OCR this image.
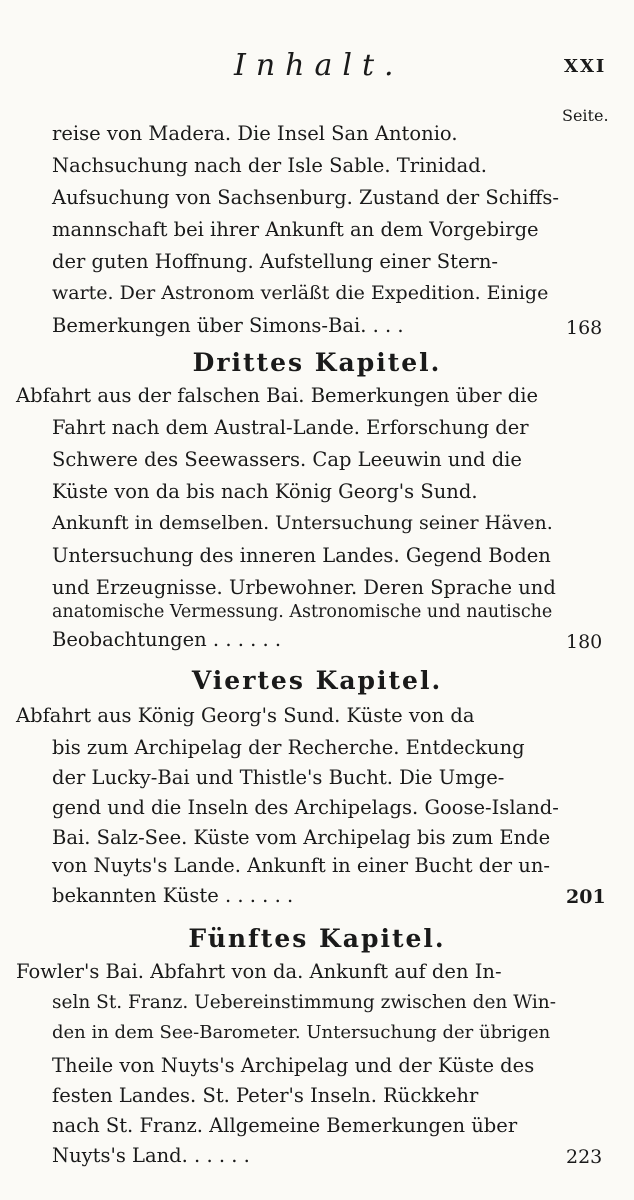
Inhalt.	XXI
Seite.
reise von Madera. Die Insel San Antonio.
Nachsuchung nach der Isle Sable. Trinidad.
Aufsuchung von Sachsenburg. Zustand der Schiffs-
mannschaft bei ihrer Ankunft an dem Vorgebirge
der guten Hoffnung. Aufstellung einer Stern-
warte. Der Astronom verläßt die Expedition. Einige
Bemerkungen über Simons-Bai. . . .	168
Drittes Kapitel.
Abfahrt aus der falschen Bai. Bemerkungen über die
Fahrt nach dem Austral-Lande. Erforschung der
Schwere des Seewassers. Cap Leeuwin und die
Küste von da bis nach König Georg's Sund.
Ankunft in demselben. Untersuchung seiner Häven.
Untersuchung des inneren Landes. Gegend Boden
und Erzeugnisse. Urbewohner. Deren Sprache und
anatomische Vermessung. Astronomische und nautische
Beobachtungen . . . . . .	180
Viertes Kapitel.
Abfahrt aus König Georg's Sund. Küste von da
bis zum Archipelag der Recherche. Entdeckung
der Lucky-Bai und Thistle's Bucht. Die Umge-
gend und die Inseln des Archipelags. Goose-Island-
Bai. Salz-See. Küste vom Archipelag bis zum Ende
von Nuyts's Lande. Ankunft in einer Bucht der un-
bekannten Küste . . . . . .	201
Fünftes Kapitel.
Fowler's Bai. Abfahrt von da. Ankunft auf den In-
seln St. Franz. Uebereinstimmung zwischen den Win-
den in dem See-Barometer. Untersuchung der übrigen
Theile von Nuyts's Archipelag und der Küste des
festen Landes. St. Peter's Inseln. Rückkehr
nach St. Franz. Allgemeine Bemerkungen über
Nuyts's Land. . . . . .	223
